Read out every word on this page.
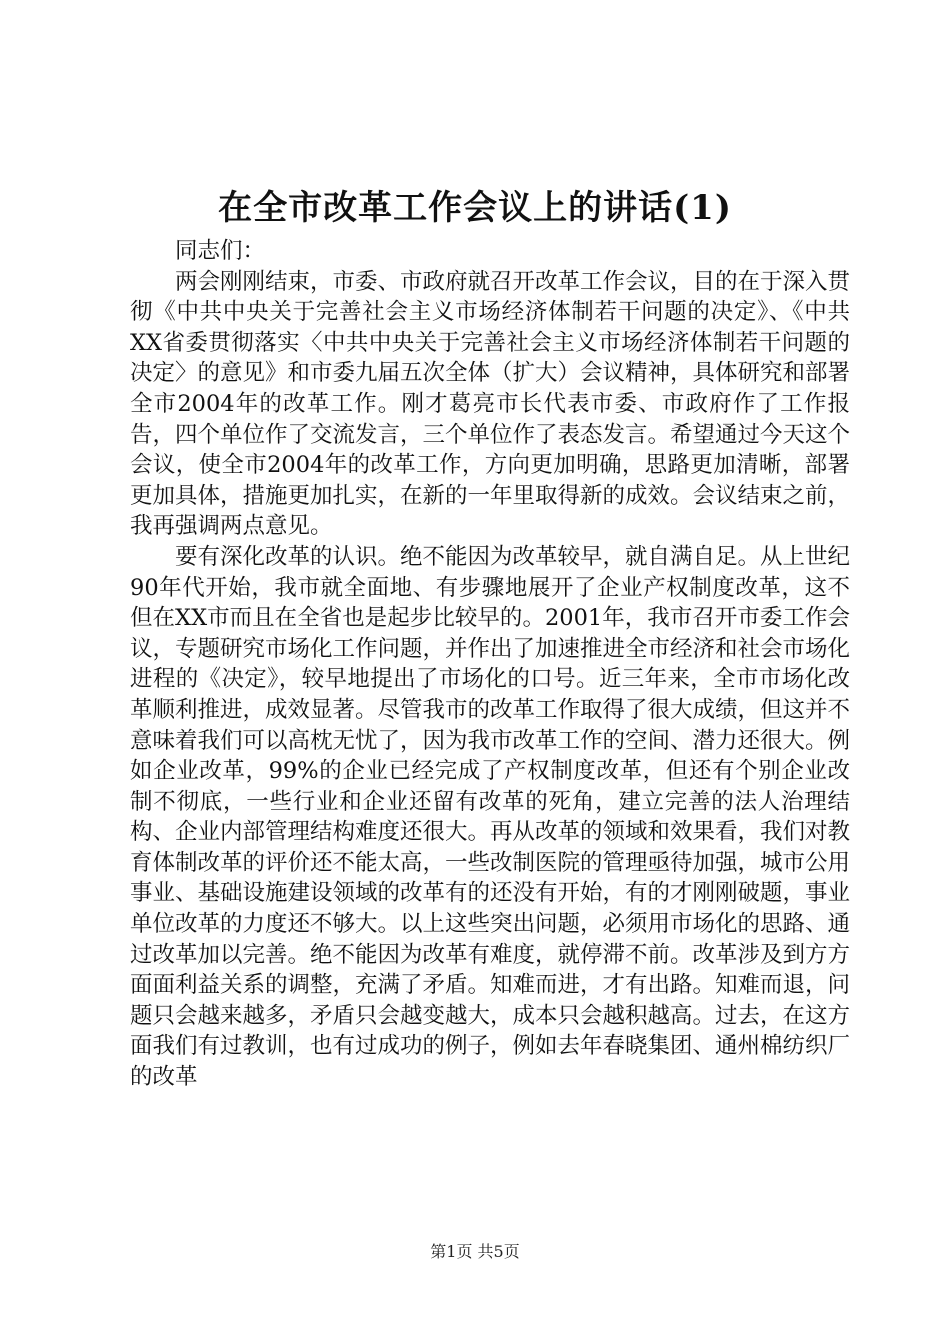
在全市改革工作会议上的讲话(1)

同志们：

两会刚刚结束，市委、市政府就召开改革工作会议，目的在于深入贯彻《中共中央关于完善社会主义市场经济体制若干问题的决定》、《中共XX省委贯彻落实〈中共中央关于完善社会主义市场经济体制若干问题的决定〉的意见》和市委九届五次全体（扩大）会议精神，具体研究和部署全市2004年的改革工作。刚才葛亮市长代表市委、市政府作了工作报告，四个单位作了交流发言，三个单位作了表态发言。希望通过今天这个会议，使全市2004年的改革工作，方向更加明确，思路更加清晰，部署更加具体，措施更加扎实，在新的一年里取得新的成效。会议结束之前，我再强调两点意见。

要有深化改革的认识。绝不能因为改革较早，就自满自足。从上世纪90年代开始，我市就全面地、有步骤地展开了企业产权制度改革，这不但在XX市而且在全省也是起步比较早的。2001年，我市召开市委工作会议，专题研究市场化工作问题，并作出了加速推进全市经济和社会市场化进程的《决定》，较早地提出了市场化的口号。近三年来，全市市场化改革顺利推进，成效显著。尽管我市的改革工作取得了很大成绩，但这并不意味着我们可以高枕无忧了，因为我市改革工作的空间、潜力还很大。例如企业改革，99%的企业已经完成了产权制度改革，但还有个别企业改制不彻底，一些行业和企业还留有改革的死角，建立完善的法人治理结构、企业内部管理结构难度还很大。再从改革的领域和效果看，我们对教育体制改革的评价还不能太高，一些改制医院的管理亟待加强，城市公用事业、基础设施建设领域的改革有的还没有开始，有的才刚刚破题，事业单位改革的力度还不够大。以上这些突出问题，必须用市场化的思路、通过改革加以完善。绝不能因为改革有难度，就停滞不前。改革涉及到方方面面利益关系的调整，充满了矛盾。知难而进，才有出路。知难而退，问题只会越来越多，矛盾只会越变越大，成本只会越积越高。过去，在这方面我们有过教训，也有过成功的例子，例如去年春晓集团、通州棉纺织厂的改革

第1页 共5页
